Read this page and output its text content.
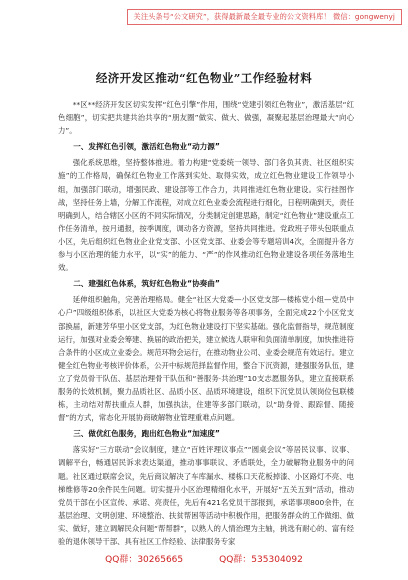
关注头条号“公文研究”，获得最新最全最专业的公文资料库！ 微信：gongwenyj
经济开发区推动“红色物业”工作经验材料

**区**经济开发区切实发挥“红色引擎”作用，围绕“党建引领红色物业”，激活基层“红色细胞”，切实把共建共治共享的“朋友圈”做实、做大、做强，凝聚起基层治理最大“向心力”。

一、发挥红色引领，激活红色物业“动力源”

强化系统思维，坚持整体推进。着力构建“党委统一领导、部门各负其责、社区组织实施”的工作格局，确保红色物业工作落到实处、取得实效，成立红色物业建设工作领导小组，加强部门联动，增强民政、建设部等工作合力，共同推进红色物业建设。实行挂图作战，坚持任务上墙，分解工作流程，对成立红色业委会流程进行细化，日程明确到天，责任明确到人，结合辖区小区的不同实际情况，分类制定创建思路，制定“红色物业”建设重点工作任务清单，按月通报，按季调度，调动各方资源，坚持共同推进。党政班子带头包联重点小区，先后组织红色物业企业党支部、小区党支部、业委会等专题培训4次，全面提升各方参与小区治理的能力水平，以“实”的能力、“严”的作风推动红色物业建设各项任务落地生效。

二、建强红色体系，筑好红色物业“协奏曲”

延伸组织触角，完善治理格局。健全“社区大党委—小区党支部—楼栋党小组—党员中心户”四级组织体系，以社区大党委为核心将物业服务等各项事务，全面完成22个小区党支部换届，新建芳华里小区党支部，为红色物业建设打下坚实基础。强化监督指导，规范制度运行，加强对业委会筹建、换届的政治把关，建立候选人联审和负面清单制度，加快推进符合条件的小区成立业委会。规范环物会运行，在推动物业公司、业委会规范有效运行。建立健全红色物业考核评价体系，公开中标规范择监督作用，整合下沉资源，建强服务队伍，建立了党员骨干队伍、基层治理骨干队伍和“善服务·共治理”10支志愿服务队，建立直接联系服务的长效机制，聚力品质社区、品质小区、品质环境建设，组织下沉党员认领岗位包联楼栋，主动结对帮扶重点人群，加强执法，住建等多部门联动，以“助身骨、跟踪督、随接督”的方式，常态化开展协商破解物业管理重难点问题。

三、做优红色服务，跑出红色物业“加速度”

落实好“三方联动”会议制度，建立“百姓评理议事点”“圆桌会议”等居民议事、议事、调解平台，畅通居民诉求表达渠道，推动事事联议、矛盾联处，全力破解物业服务中的问题。社区通过联席会议，先后商议解决了车库漏水、楼栋口天花板掉漆、小区路灯不亮、电梯维修等20余件民生问题。切实提升小区治理精细化水平，开展好“五关五到”活动，推动党员干部在小区宣传、承诺、亮责任，先后有421名党员干部报到，承诺事项800余件，在基层治理、文明创建、环境整治、扶贫帮困等活动中积极作用，把服务群众的工作做细、做实、做好，建立调解民众问题“帮帮群”，以熟人的人情治理为主轴，挑选有耐心的、富有经验的退休领导干部、具有社区工作经验、法律服务专家

QQ群：30265665	QQ群：535304092
